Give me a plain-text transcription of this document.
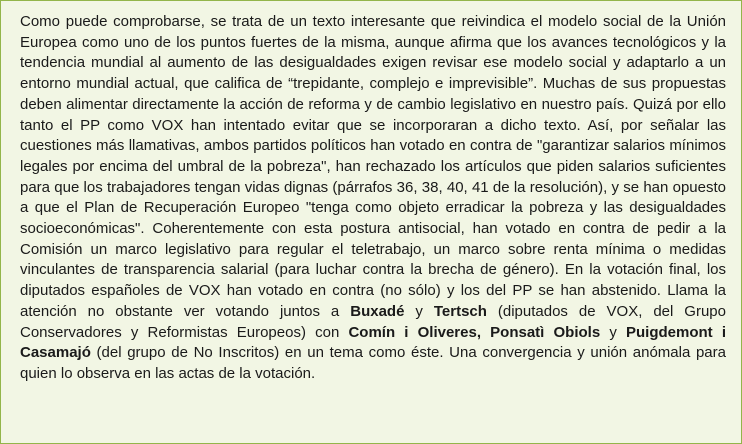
Como puede comprobarse, se trata de un texto interesante que reivindica el modelo social de la Unión Europea como uno de los puntos fuertes de la misma, aunque afirma que los avances tecnológicos y la tendencia mundial al aumento de las desigualdades exigen revisar ese modelo social y adaptarlo a un entorno mundial actual, que califica de “trepidante, complejo e imprevisible”. Muchas de sus propuestas deben alimentar directamente la acción de reforma y de cambio legislativo en nuestro país. Quizá por ello tanto el PP como VOX han intentado evitar que se incorporaran a dicho texto. Así, por señalar las cuestiones más llamativas, ambos partidos políticos han votado en contra de "garantizar salarios mínimos legales por encima del umbral de la pobreza", han rechazado los artículos que piden salarios suficientes para que los trabajadores tengan vidas dignas (párrafos 36, 38, 40, 41 de la resolución), y se han opuesto a que el Plan de Recuperación Europeo "tenga como objeto erradicar la pobreza y las desigualdades socioeconómicas". Coherentemente con esta postura antisocial, han votado en contra de pedir a la Comisión un marco legislativo para regular el teletrabajo, un marco sobre renta mínima o medidas vinculantes de transparencia salarial (para luchar contra la brecha de género). En la votación final, los diputados españoles de VOX han votado en contra (no sólo) y los del PP se han abstenido. Llama la atención no obstante ver votando juntos a Buxadé y Tertsch (diputados de VOX, del Grupo Conservadores y Reformistas Europeos) con Comín i Oliveres, Ponsatì Obiols y Puigdemont i Casamajó (del grupo de No Inscritos) en un tema como éste. Una convergencia y unión anómala para quien lo observa en las actas de la votación.
